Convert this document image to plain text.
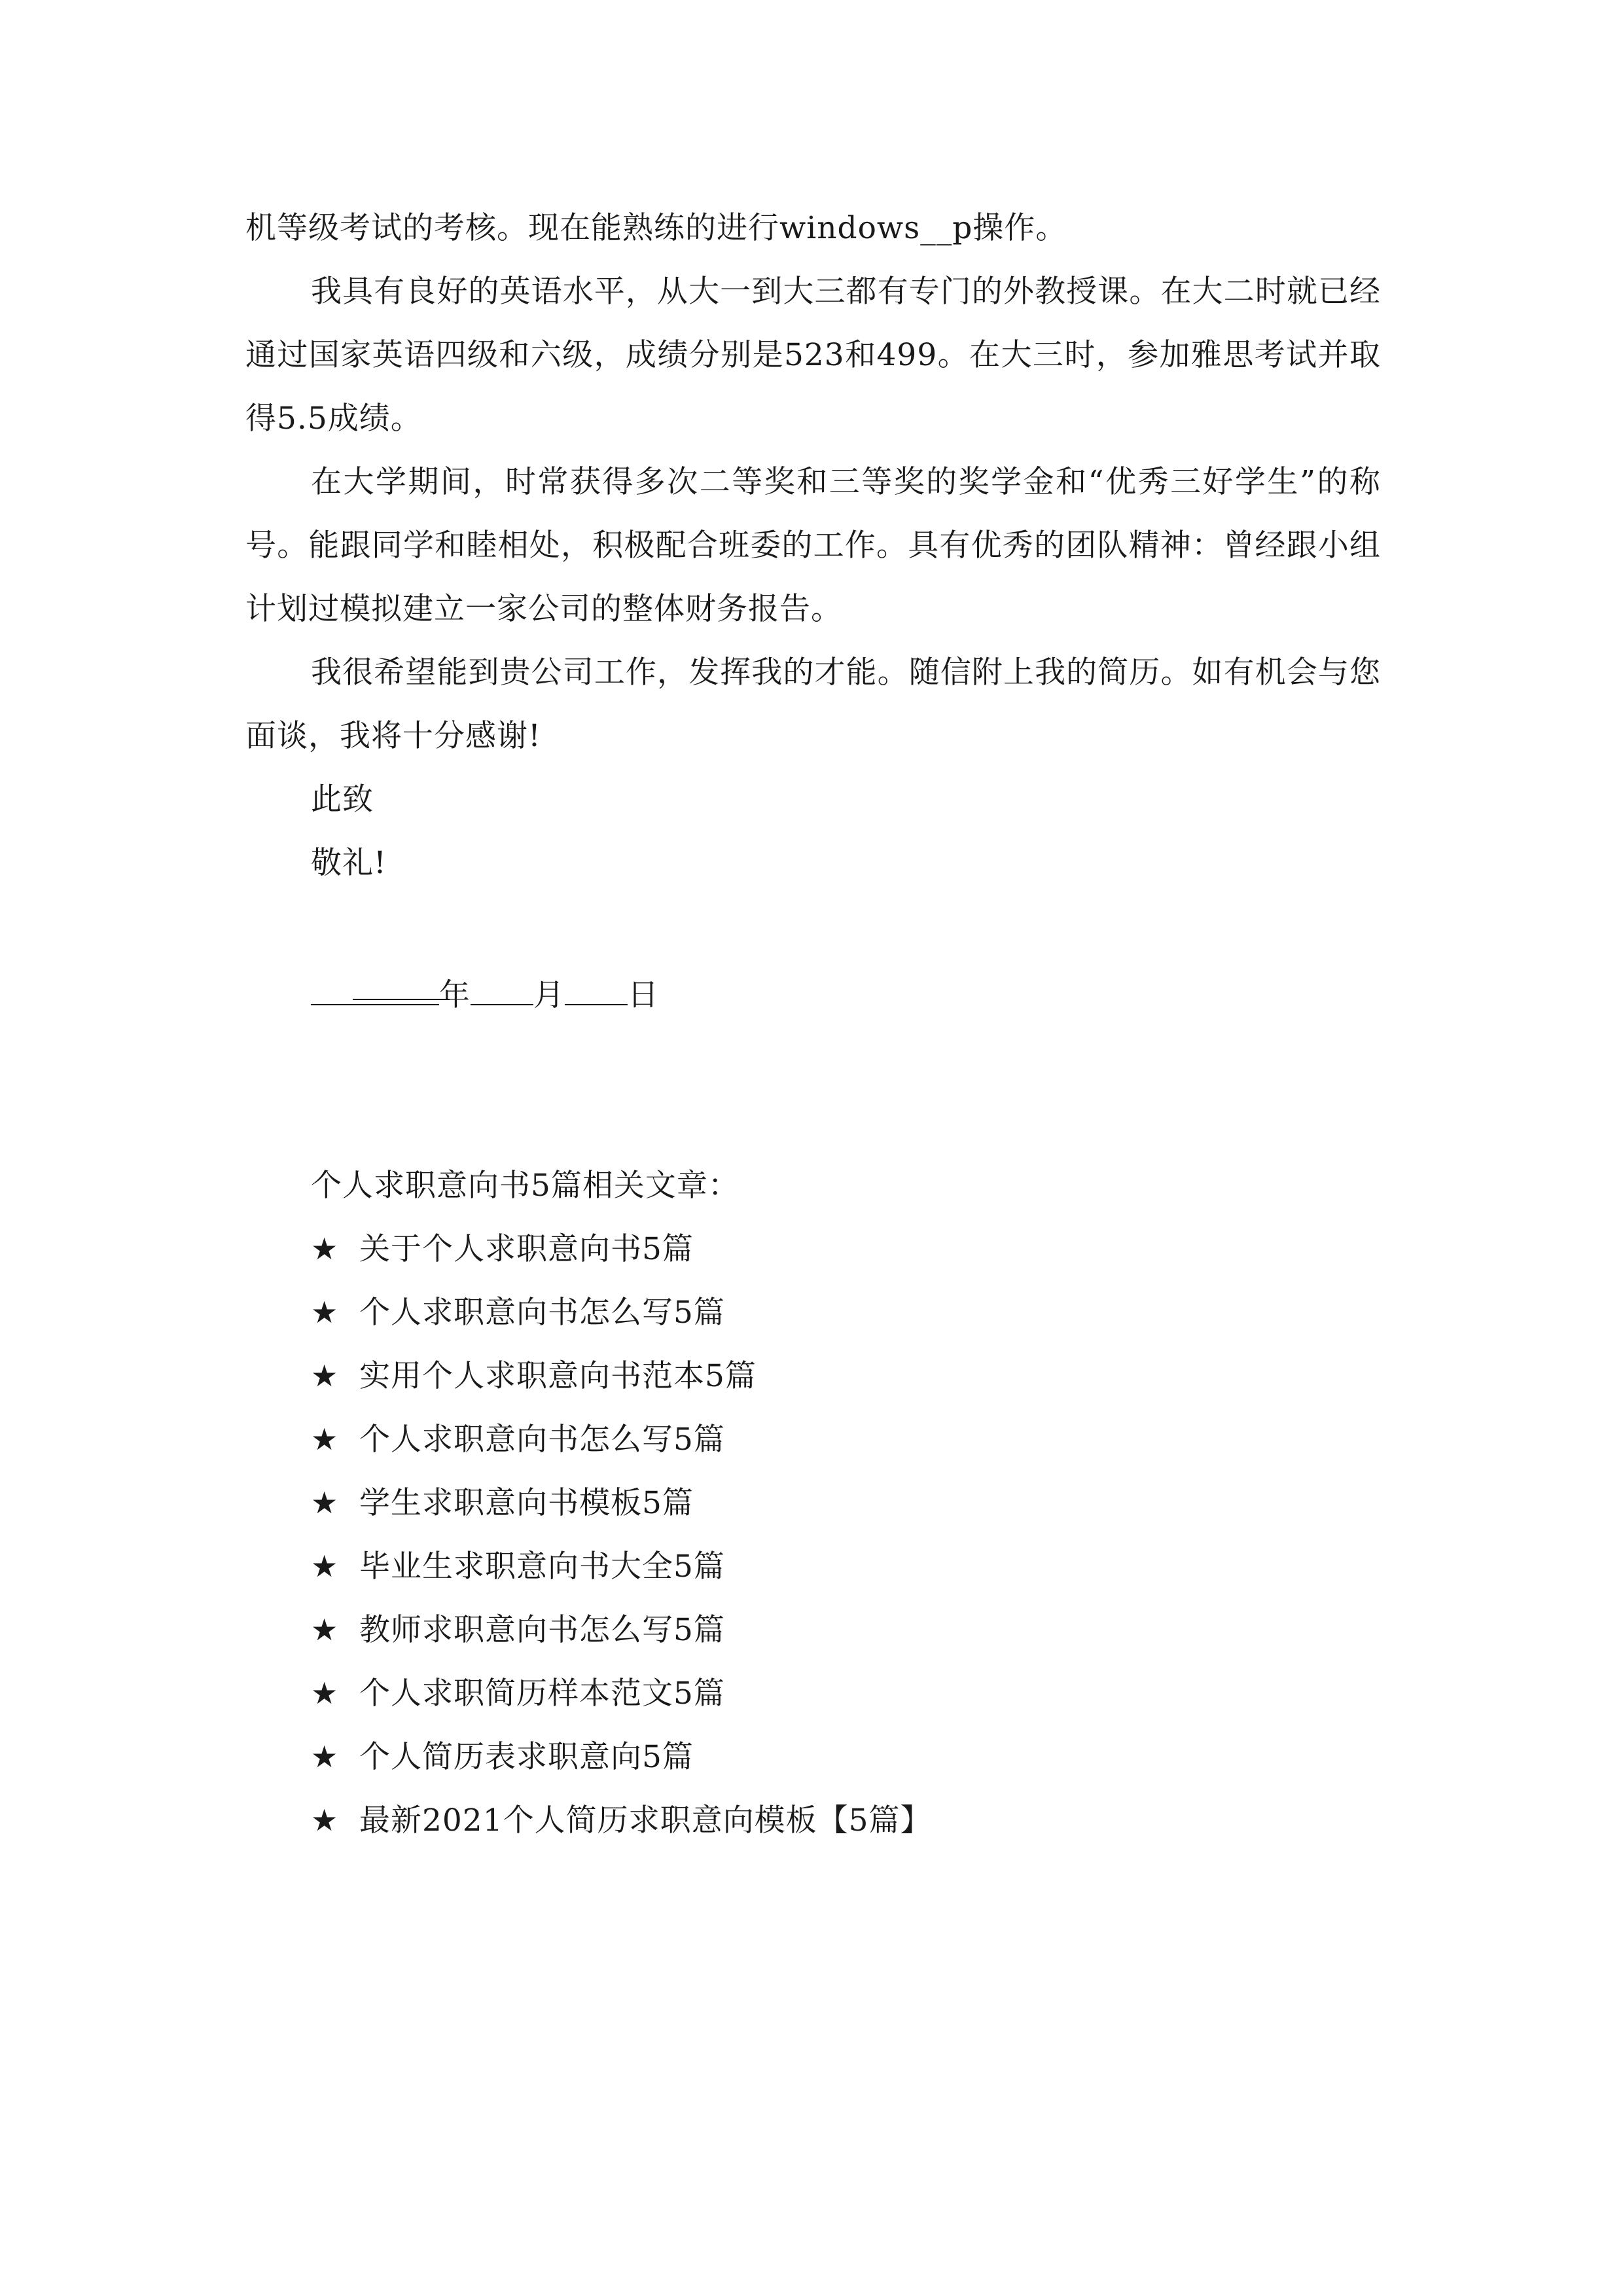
机等级考试的考核。现在能熟练的进行windows__p操作。

我具有良好的英语水平，从大一到大三都有专门的外教授课。在大二时就已经通过国家英语四级和六级，成绩分别是523和499。在大三时，参加雅思考试并取得5.5成绩。

在大学期间，时常获得多次二等奖和三等奖的奖学金和“优秀三好学生”的称号。能跟同学和睦相处，积极配合班委的工作。具有优秀的团队精神：曾经跟小组计划过模拟建立一家公司的整体财务报告。

我很希望能到贵公司工作，发挥我的才能。随信附上我的简历。如有机会与您面谈，我将十分感谢!

此致

敬礼!

年 月 日

个人求职意向书5篇相关文章：

★ 关于个人求职意向书5篇
★ 个人求职意向书怎么写5篇
★ 实用个人求职意向书范本5篇
★ 个人求职意向书怎么写5篇
★ 学生求职意向书模板5篇
★ 毕业生求职意向书大全5篇
★ 教师求职意向书怎么写5篇
★ 个人求职简历样本范文5篇
★ 个人简历表求职意向5篇
★ 最新2021个人简历求职意向模板【5篇】
